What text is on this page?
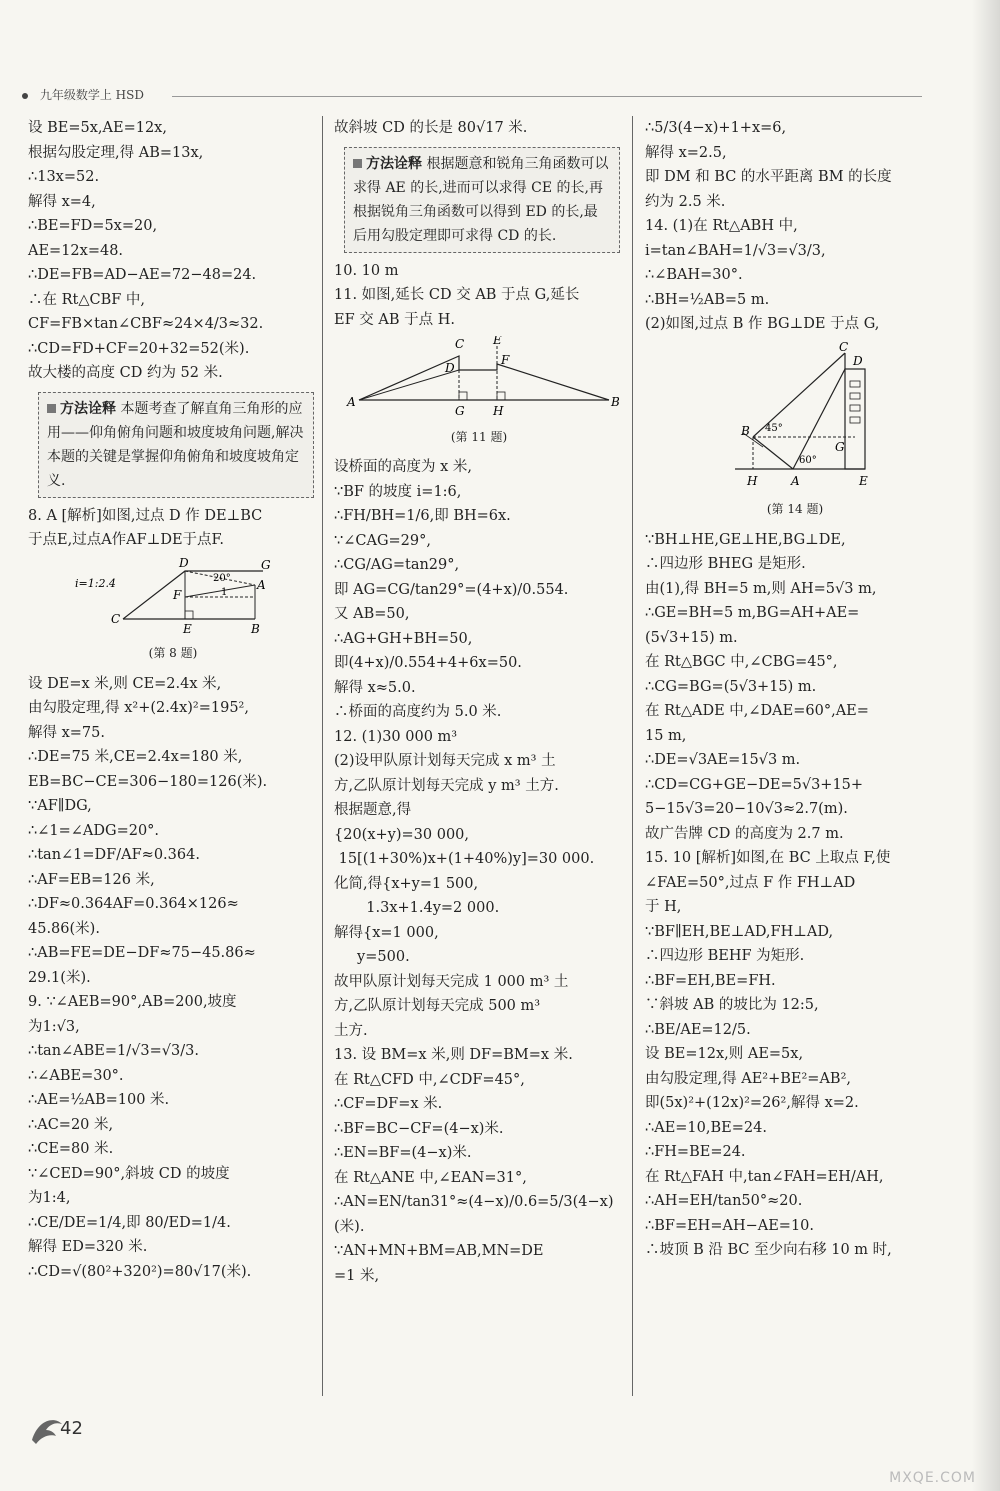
九年级数学上 HSD
设 BE=5x,AE=12x,
根据勾股定理,得 AB=13x,
∴13x=52.
解得 x=4,
∴BE=FD=5x=20,
AE=12x=48.
∴DE=FB=AD−AE=72−48=24.
∴在 Rt△CBF 中,
CF=FB×tan∠CBF≈24×4/3≈32.
∴CD=FD+CF=20+32=52(米).
故大楼的高度 CD 约为 52 米.
方法诠释 本题考查了解直角三角形的应用——仰角俯角问题和坡度坡角问题,解决本题的关键是掌握仰角俯角和坡度坡角定义.
8. A [解析]如图,过点 D 作 DE⊥BC
于点E,过点A作AF⊥DE于点F.
D	G
A
F
C
E	B
i=1:2.4	20°
1
(第 8 题)
设 DE=x 米,则 CE=2.4x 米,
由勾股定理,得 x²+(2.4x)²=195²,
解得 x=75.
∴DE=75 米,CE=2.4x=180 米,
EB=BC−CE=306−180=126(米).
∵AF∥DG,
∴∠1=∠ADG=20°.
∴tan∠1=DF/AF≈0.364.
∴AF=EB=126 米,
∴DF≈0.364AF=0.364×126≈
45.86(米).
∴AB=FE=DE−DF≈75−45.86≈
29.1(米).
9. ∵∠AEB=90°,AB=200,坡度
为1:√3,
∴tan∠ABE=1/√3=√3/3.
∴∠ABE=30°.
∴AE=½AB=100 米.
∴AC=20 米,
∴CE=80 米.
∵∠CED=90°,斜坡 CD 的坡度
为1:4,
∴CE/DE=1/4,即 80/ED=1/4.
解得 ED=320 米.
∴CD=√(80²+320²)=80√17(米).
故斜坡 CD 的长是 80√17 米.
方法诠释 根据题意和锐角三角函数可以求得 AE 的长,进而可以求得 CE 的长,再根据锐角三角函数可以得到 ED 的长,最后用勾股定理即可求得 CD 的长.
10. 10 m
11. 如图,延长 CD 交 AB 于点 G,延长
EF 交 AB 于点 H.
C E
D
F
A
G H
B
(第 11 题)
设桥面的高度为 x 米,
∵BF 的坡度 i=1:6,
∴FH/BH=1/6,即 BH=6x.
∵∠CAG=29°,
∴CG/AG=tan29°,
即 AG=CG/tan29°=(4+x)/0.554.
又 AB=50,
∴AG+GH+BH=50,
即(4+x)/0.554+4+6x=50.
解得 x≈5.0.
∴桥面的高度约为 5.0 米.
12. (1)30 000 m³
(2)设甲队原计划每天完成 x m³ 土
方,乙队原计划每天完成 y m³ 土方.
根据题意,得
{20(x+y)=30 000,
15[(1+30%)x+(1+40%)y]=30 000.
化简,得{x+y=1 500,
1.3x+1.4y=2 000.
解得{x=1 000,
y=500.
故甲队原计划每天完成 1 000 m³ 土
方,乙队原计划每天完成 500 m³
土方.
13. 设 BM=x 米,则 DF=BM=x 米.
在 Rt△CFD 中,∠CDF=45°,
∴CF=DF=x 米.
∴BF=BC−CF=(4−x)米.
∴EN=BF=(4−x)米.
在 Rt△ANE 中,∠EAN=31°,
∴AN=EN/tan31°≈(4−x)/0.6=5/3(4−x)(米).
∵AN+MN+BM=AB,MN=DE
=1 米,
∴5/3(4−x)+1+x=6,
解得 x=2.5,
即 DM 和 BC 的水平距离 BM 的长度
约为 2.5 米.
14. (1)在 Rt△ABH 中,
i=tan∠BAH=1/√3=√3/3,
∴∠BAH=30°.
∴BH=½AB=5 m.
(2)如图,过点 B 作 BG⊥DE 于点 G,
C
D
B
G
H	A	E
45°
60°
(第 14 题)
∵BH⊥HE,GE⊥HE,BG⊥DE,
∴四边形 BHEG 是矩形.
由(1),得 BH=5 m,则 AH=5√3 m,
∴GE=BH=5 m,BG=AH+AE=
(5√3+15) m.
在 Rt△BGC 中,∠CBG=45°,
∴CG=BG=(5√3+15) m.
在 Rt△ADE 中,∠DAE=60°,AE=
15 m,
∴DE=√3AE=15√3 m.
∴CD=CG+GE−DE=5√3+15+
5−15√3=20−10√3≈2.7(m).
故广告牌 CD 的高度为 2.7 m.
15. 10 [解析]如图,在 BC 上取点 F,使
∠FAE=50°,过点 F 作 FH⊥AD
于 H,
∵BF∥EH,BE⊥AD,FH⊥AD,
∴四边形 BEHF 为矩形.
∴BF=EH,BE=FH.
∵斜坡 AB 的坡比为 12:5,
∴BE/AE=12/5.
设 BE=12x,则 AE=5x,
由勾股定理,得 AE²+BE²=AB²,
即(5x)²+(12x)²=26²,解得 x=2.
∴AE=10,BE=24.
∴FH=BE=24.
在 Rt△FAH 中,tan∠FAH=EH/AH,
∴AH=EH/tan50°≈20.
∴BF=EH=AH−AE=10.
∴坡顶 B 沿 BC 至少向右移 10 m 时,
42
MXQE.COM
